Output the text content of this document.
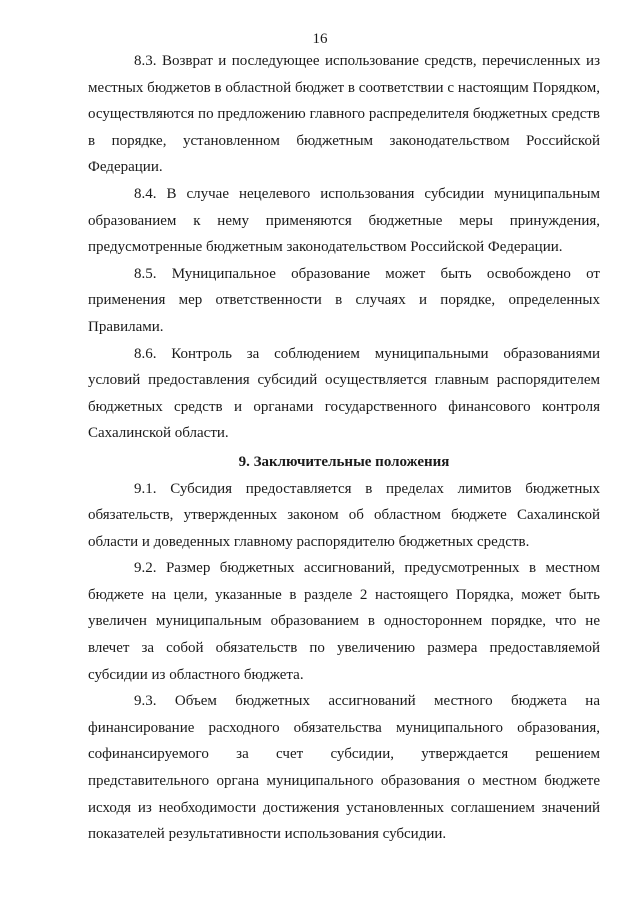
16

8.3. Возврат и последующее использование средств, перечисленных из местных бюджетов в областной бюджет в соответствии с настоящим Порядком, осуществляются по предложению главного распределителя бюджетных средств в порядке, установленном бюджетным законодательством Российской Федерации.

8.4. В случае нецелевого использования субсидии муниципальным образованием к нему применяются бюджетные меры принуждения, предусмотренные бюджетным законодательством Российской Федерации.

8.5. Муниципальное образование может быть освобождено от применения мер ответственности в случаях и порядке, определенных Правилами.

8.6. Контроль за соблюдением муниципальными образованиями условий предоставления субсидий осуществляется главным распорядителем бюджетных средств и органами государственного финансового контроля Сахалинской области.

9. Заключительные положения

9.1. Субсидия предоставляется в пределах лимитов бюджетных обязательств, утвержденных законом об областном бюджете Сахалинской области и доведенных главному распорядителю бюджетных средств.

9.2. Размер бюджетных ассигнований, предусмотренных в местном бюджете на цели, указанные в разделе 2 настоящего Порядка, может быть увеличен муниципальным образованием в одностороннем порядке, что не влечет за собой обязательств по увеличению размера предоставляемой субсидии из областного бюджета.

9.3. Объем бюджетных ассигнований местного бюджета на финансирование расходного обязательства муниципального образования, софинансируемого за счет субсидии, утверждается решением представительного органа муниципального образования о местном бюджете исходя из необходимости достижения установленных соглашением значений показателей результативности использования субсидии.
